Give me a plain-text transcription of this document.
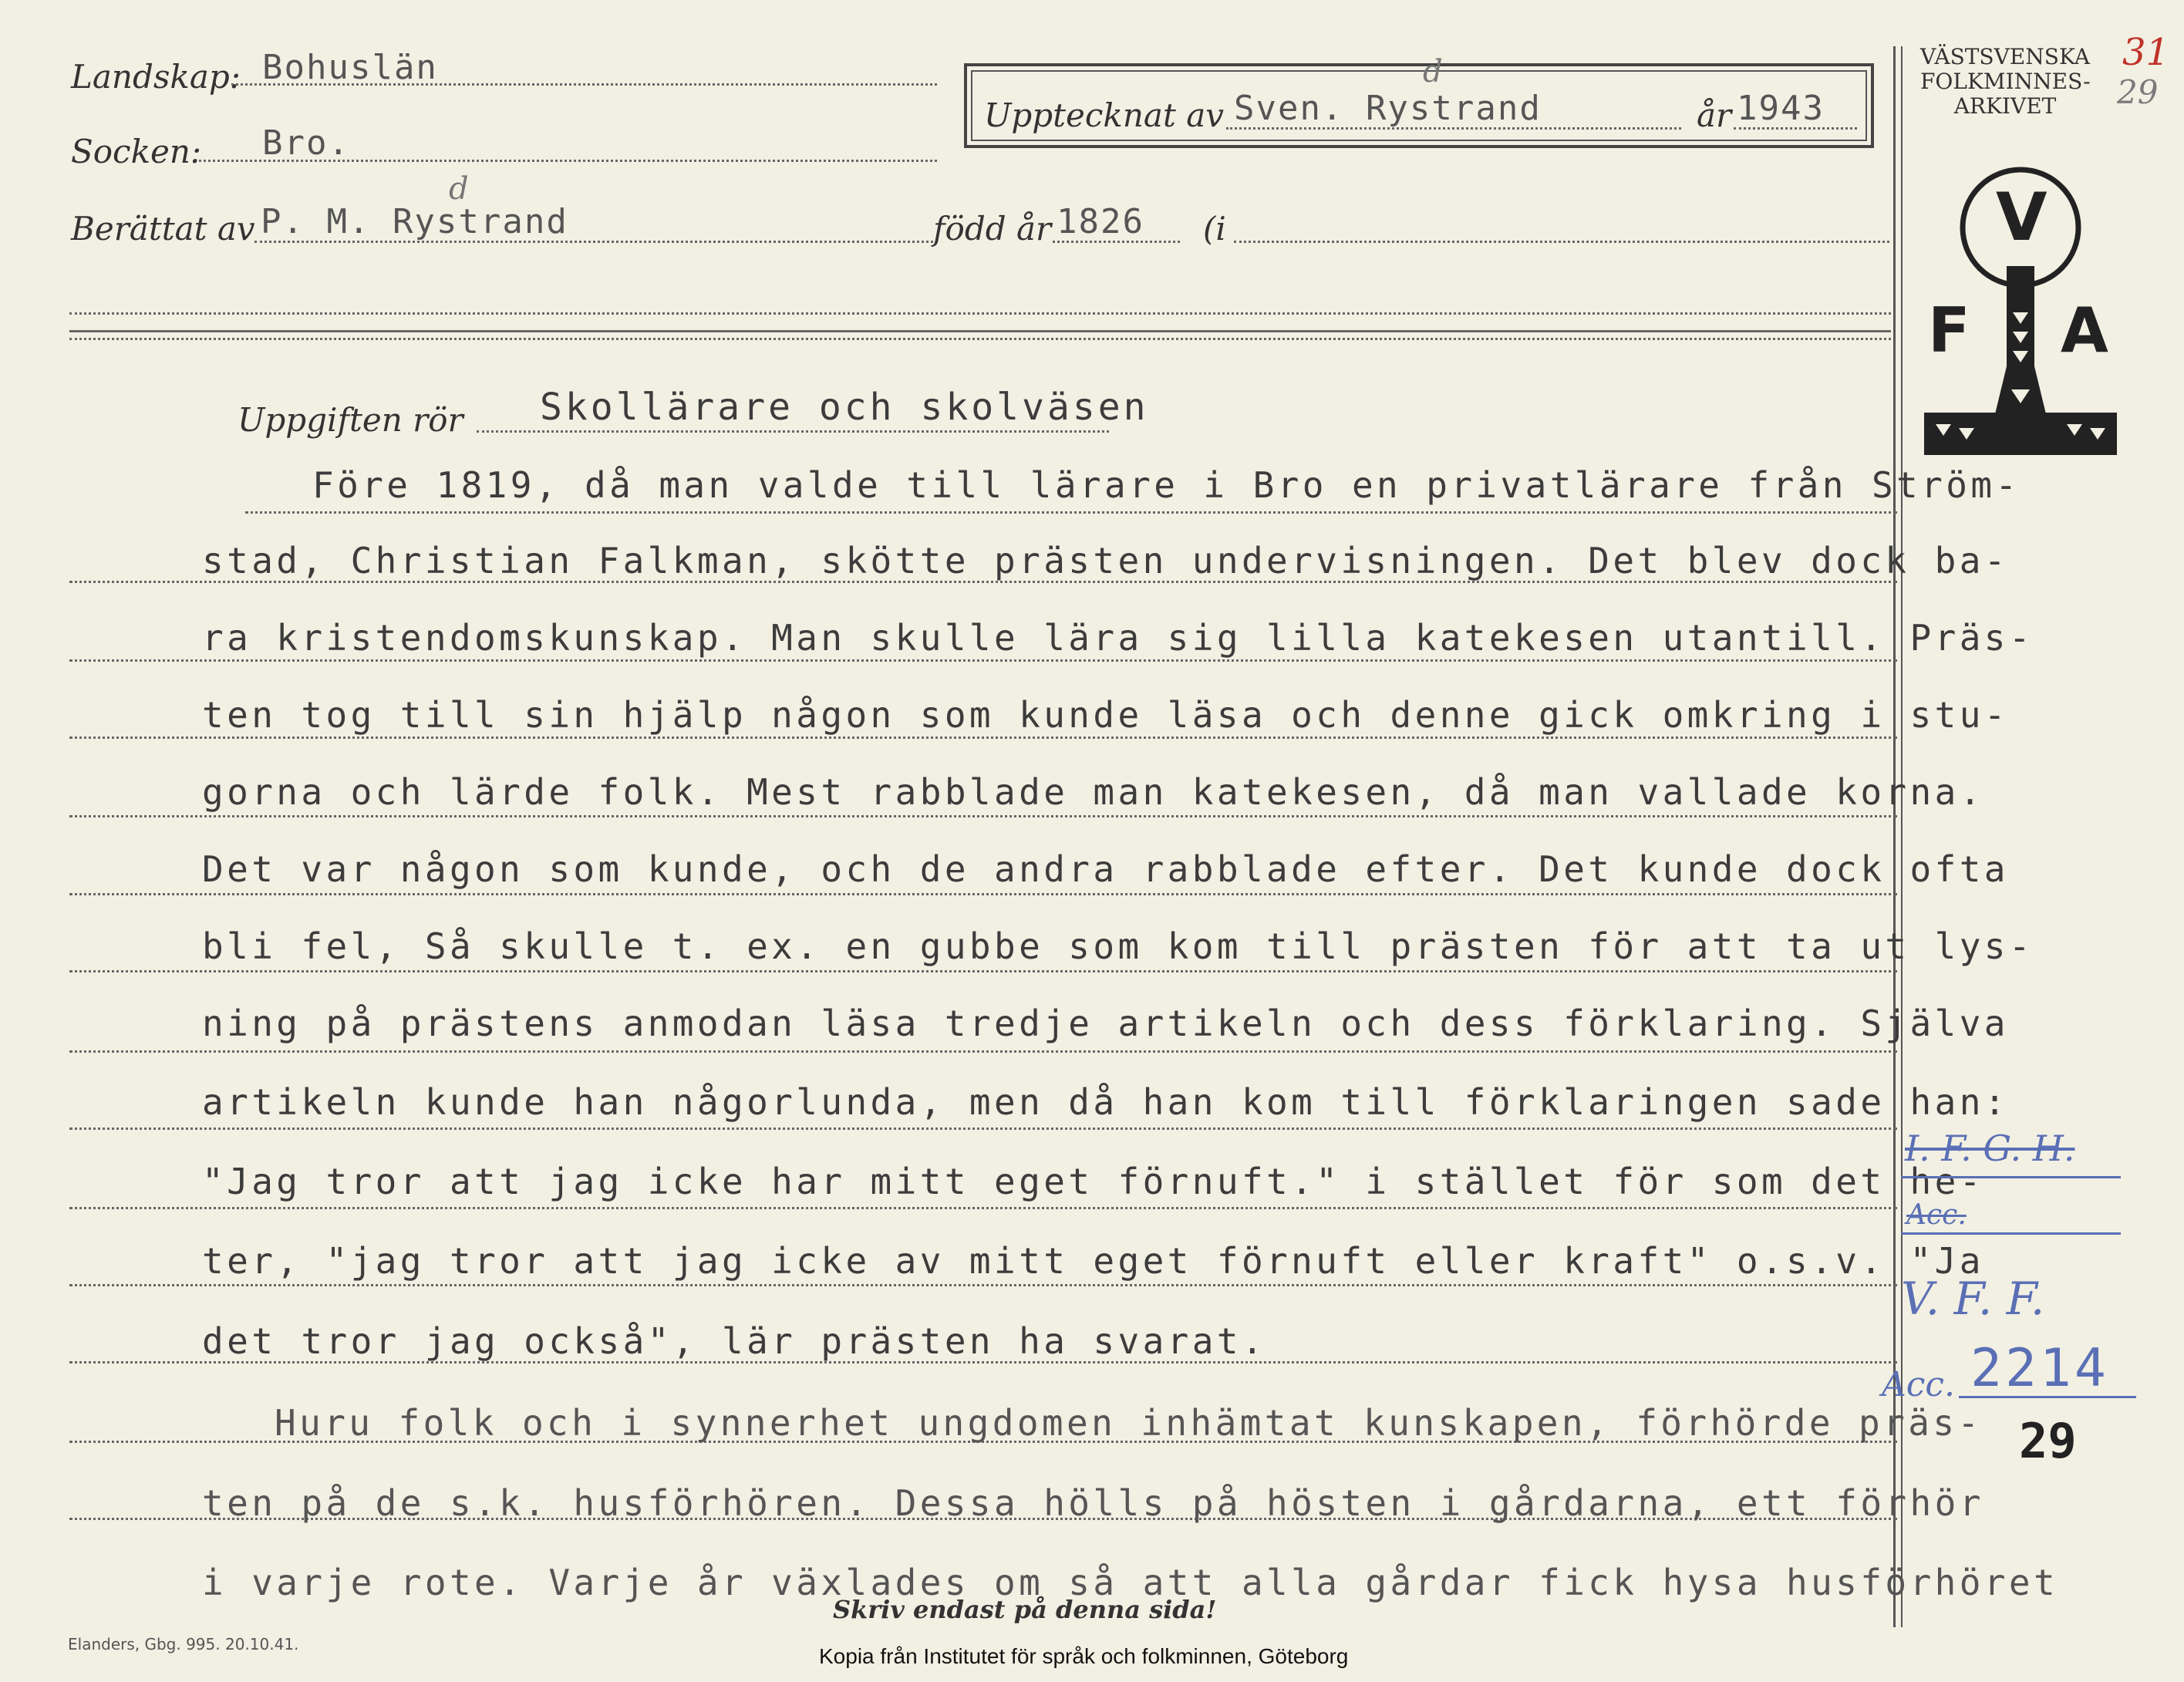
Landskap: Bohuslän
Socken: Bro.
Berättat av
d
P. M. Rystrand	född år 1826 (i
Upptecknat av
d
Sven. Rystrand	år 1943
VÄSTSVENSKA
FOLKMINNES-
ARKIVET
31
29
V
F A
Uppgiften rör Skollärare och skolväsen
Före 1819, då man valde till lärare i Bro en privatlärare från Ström-
stad, Christian Falkman, skötte prästen undervisningen. Det blev dock ba-
ra kristendomskunskap. Man skulle lära sig lilla katekesen utantill. Präs-
ten tog till sin hjälp någon som kunde läsa och denne gick omkring i stu-
gorna och lärde folk. Mest rabblade man katekesen, då man vallade korna.
Det var någon som kunde, och de andra rabblade efter. Det kunde dock ofta
bli fel, Så skulle t. ex. en gubbe som kom till prästen för att ta ut lys-
ning på prästens anmodan läsa tredje artikeln och dess förklaring. Själva
artikeln kunde han någorlunda, men då han kom till förklaringen sade han:
"Jag tror att jag icke har mitt eget förnuft." i stället för som det he-
ter, "jag tror att jag icke av mitt eget förnuft eller kraft" o.s.v. "Ja
det tror jag också", lär prästen ha svarat.
Huru folk och i synnerhet ungdomen inhämtat kunskapen, förhörde präs-
ten på de s.k. husförhören. Dessa hölls på hösten i gårdarna, ett förhör
i varje rote. Varje år växlades om så att alla gårdar fick hysa husförhöret
I. F. G. H.
Acc.
V. F. F.
Acc. 2214
29
Skriv endast på denna sida!
Elanders, Gbg. 995. 20.10.41.	Kopia från Institutet för språk och folkminnen, Göteborg
